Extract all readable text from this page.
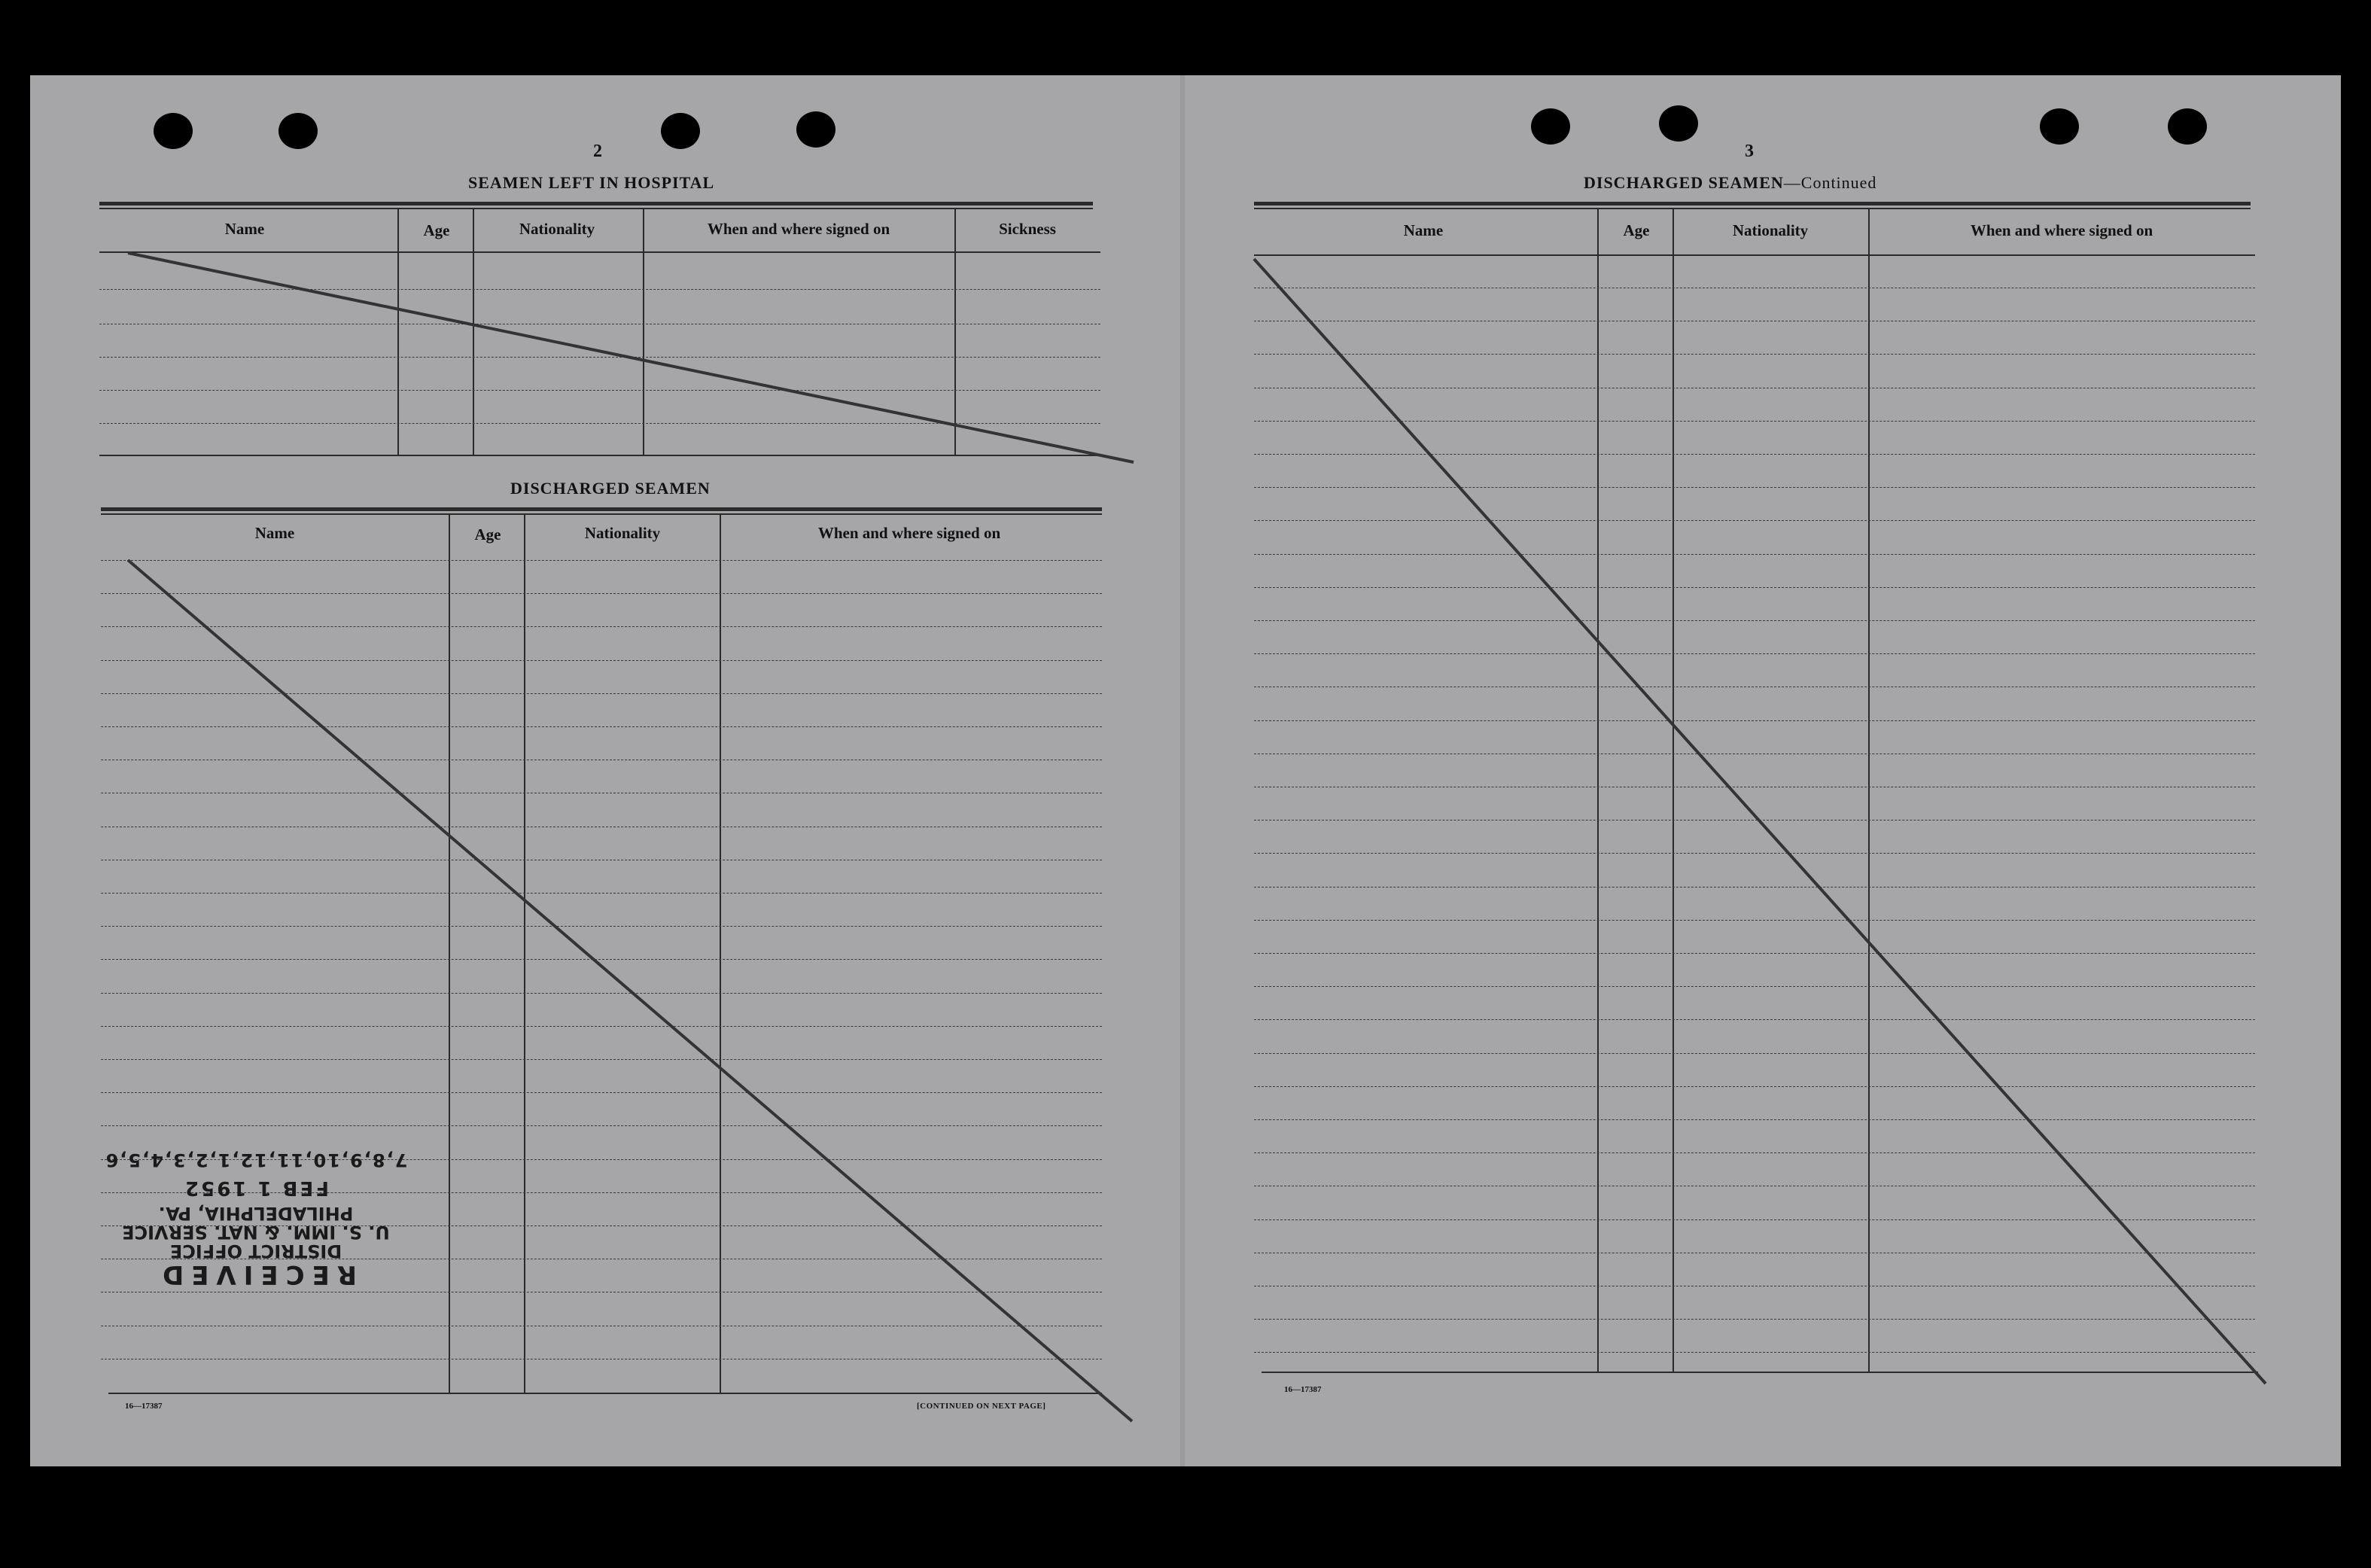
2
SEAMEN LEFT IN HOSPITAL
Name	Age	Nationality	When and where signed on	Sickness
DISCHARGED SEAMEN
Name	Age	Nationality	When and where signed on
16—17387	[CONTINUED ON NEXT PAGE]
RECEIVED
DISTRICT OFFICE
U. S. IMM. & NAT. SERVICE
PHILADELPHIA, PA.
FEB 1 1952
7,8,9,10,11,12,1,2,3,4,5,6
3
DISCHARGED SEAMEN—Continued
Name	Age	Nationality	When and where signed on
16—17387
